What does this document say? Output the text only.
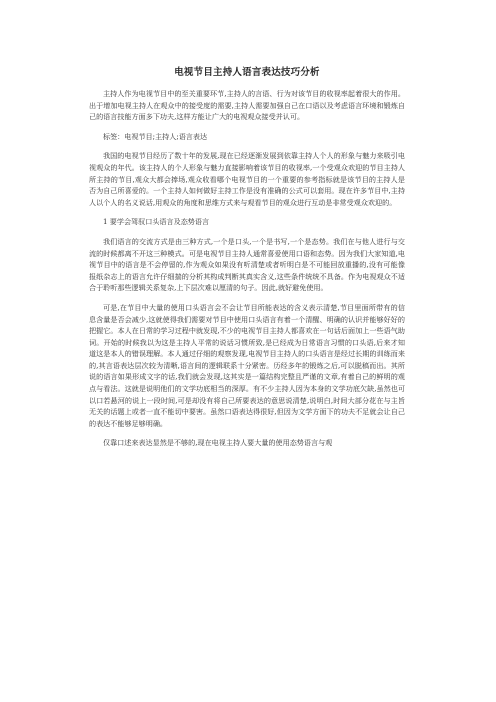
电视节目主持人语言表达技巧分析

主持人作为电视节目中的至关重要环节,主持人的言语、行为对该节目的收视率起着很大的作用。出于增加电视主持人在观众中的接受度的需要,主持人需要加强自己在口语以及考虑语言环境和锻炼自己的语言技能方面多下功夫,这样方能让广大的电视观众接受并认可。

标签：电视节目;主持人;语言表达

我国的电视节目经历了数十年的发展,现在已经逐渐发展到依靠主持人个人的形象与魅力来吸引电视观众的年代。该主持人的个人形象与魅力直接影响着该节目的收视率,一个受观众欢迎的节目主持人所主持的节目,观众大都会捧场,观众收看哪个电视节目的一个重要的参考指标就是该节目的主持人是否为自己所喜爱的。一个主持人如何做好主持工作是没有准确的公式可以套用。现在许多节目中,主持人以个人的名义说话,用观众的角度和思维方式来与观看节目的观众进行互动是非常受观众欢迎的。

1 要学会驾驭口头语言及态势语言

我们语言的交流方式是由三种方式,一个是口头,一个是书写,一个是态势。我们在与他人进行与交流的时候都离不开这三种模式。可是电视节目主持人通常喜爱使用口语和态势。因为我们大家知道,电视节目中的语言是不会停留的,作为观众如果没有听清楚或者听明白是不可能回放重播的,没有可能像报纸杂志上的语言允许仔细揣的分析其构成判断其真实含义,这些条件统统不具备。作为电视观众不适合于聆听那些逻辑关系复杂,上下层次难以厘清的句子。因此,就好避免使用。

可是,在节目中大量的使用口头语言会不会让节目所能表达的含义表示清楚,节目里面所带有的信息含量是否会减少,这就使得我们需要对节目中使用口头语言有着一个清醒、明确的认识并能够好好的把握它。本人在日常的学习过程中就发现,不少的电视节目主持人都喜欢在一句话后面加上一些语气助词。开始的时候我以为这是主持人平常的说话习惯所致,是已经成为日常语言习惯的口头语,后来才知道这是本人的错误理解。本人通过仔细的观察发现,电视节目主持人的口头语言是经过长期的训练而来的,其言语表达层次较为清晰,语言间的逻辑联系十分紧密。历经多年的锻炼之后,可以脱稿而出。其所说的语言如果形成文字的话,我们就会发现,这其实是一篇结构完整且严谨的文章,有着自己的鲜明的观点与看法。这就是说明他们的文学功底相当的深厚。有不少主持人因为本身的文学功底欠缺,虽然也可以口若悬河的说上一段时间,可是却没有将自己所要表达的意思说清楚,说明白,时间大部分花在与主旨无关的话题上或者一直不能切中要害。虽然口语表达得很好,但因为文学方面下的功夫不足就会让自己的表达不能够足够明确。

仅靠口述来表达显然是不够的,现在电视主持人要大量的使用态势语言与观
